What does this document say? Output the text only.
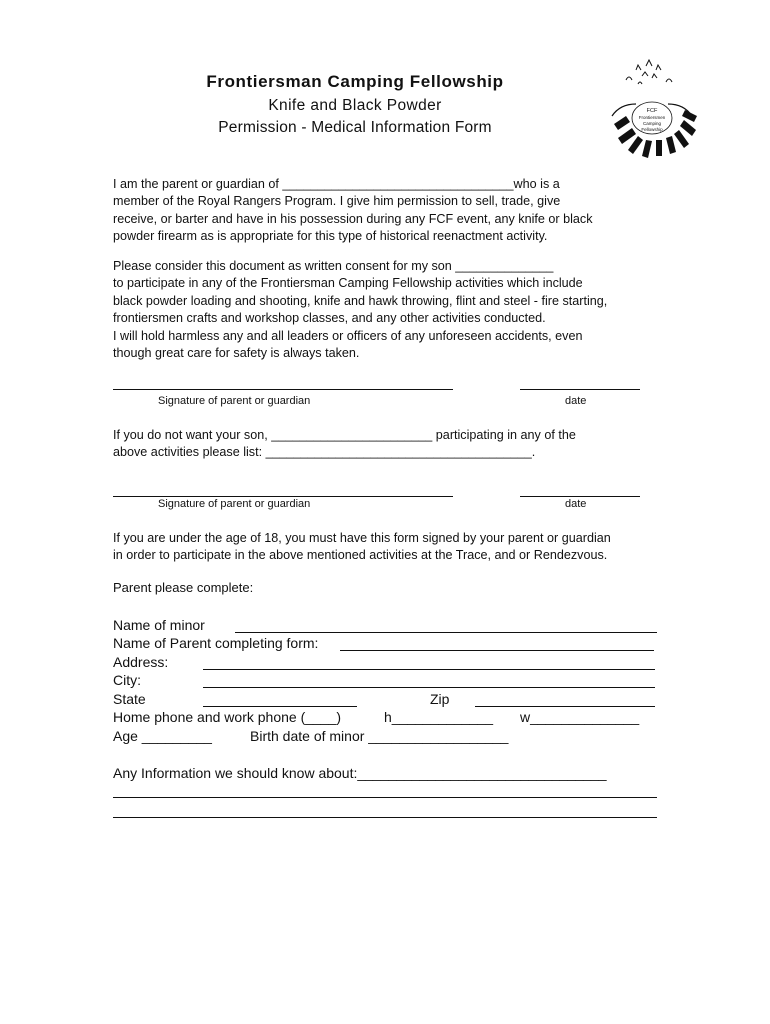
Frontiersman Camping Fellowship
Knife and Black Powder
Permission - Medical Information Form
FCF
Frontiersmen
Camping
Fellowship
I am the parent or guardian of _________________________________who is a
member of the Royal Rangers Program. I give him permission to sell, trade, give
receive, or barter and have in his possession during any FCF event, any knife or black
powder firearm as is appropriate for this type of historical reenactment activity.
Please consider this document as written consent for my son ______________
to participate in any of the Frontiersman Camping Fellowship activities which include
black powder loading and shooting, knife and hawk throwing, flint and steel - fire starting,
frontiersmen crafts and workshop classes, and any other activities conducted.
I will hold harmless any and all leaders or officers of any unforeseen accidents, even
though great care for safety is always taken.
Signature of parent or guardian	date
If you do not want your son, _______________________ participating in any of the
above activities please list: ______________________________________.
Signature of parent or guardian	date
If you are under the age of 18, you must have this form signed by your parent or guardian
in order to participate in the above mentioned activities at the Trace, and or Rendezvous.
Parent please complete:
Name of minor
Name of Parent completing form:
Address:
City:
State	Zip
Home phone and work phone (____)	h_____________ w______________
Age _________	Birth date of minor __________________
Any Information we should know about:________________________________
